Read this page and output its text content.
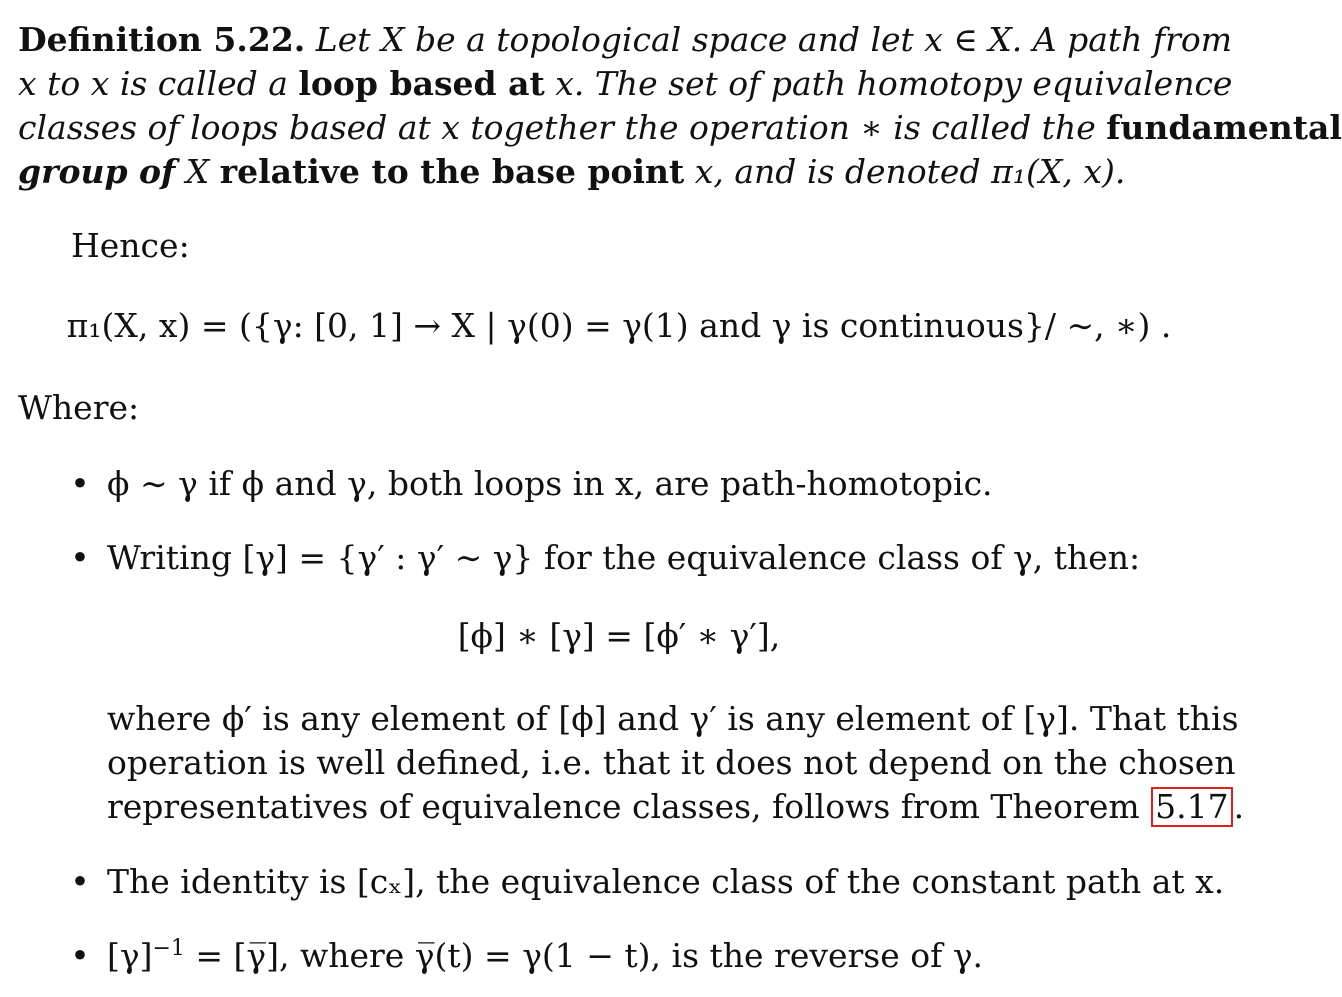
Definition 5.22. Let X be a topological space and let x ∈ X. A path from
x to x is called a loop based at x. The set of path homotopy equivalence
classes of loops based at x together the operation ∗ is called the fundamental
group of X relative to the base point x, and is denoted π₁(X, x).
Hence:
π₁(X, x) = ({γ: [0, 1] → X | γ(0) = γ(1) and γ is continuous}/ ∼, ∗) .
Where:
• ϕ ∼ γ if ϕ and γ, both loops in x, are path-homotopic.
• Writing [γ] = {γ′ : γ′ ∼ γ} for the equivalence class of γ, then:
[ϕ] ∗ [γ] = [ϕ′ ∗ γ′],
where ϕ′ is any element of [ϕ] and γ′ is any element of [γ]. That this
operation is well defined, i.e. that it does not depend on the chosen
representatives of equivalence classes, follows from Theorem 5.17 .
• The identity is [cₓ], the equivalence class of the constant path at x.
• $[\gamma]^{-1}$ = [γ̅], where γ̅(t) = γ(1 − t), is the reverse of γ.
